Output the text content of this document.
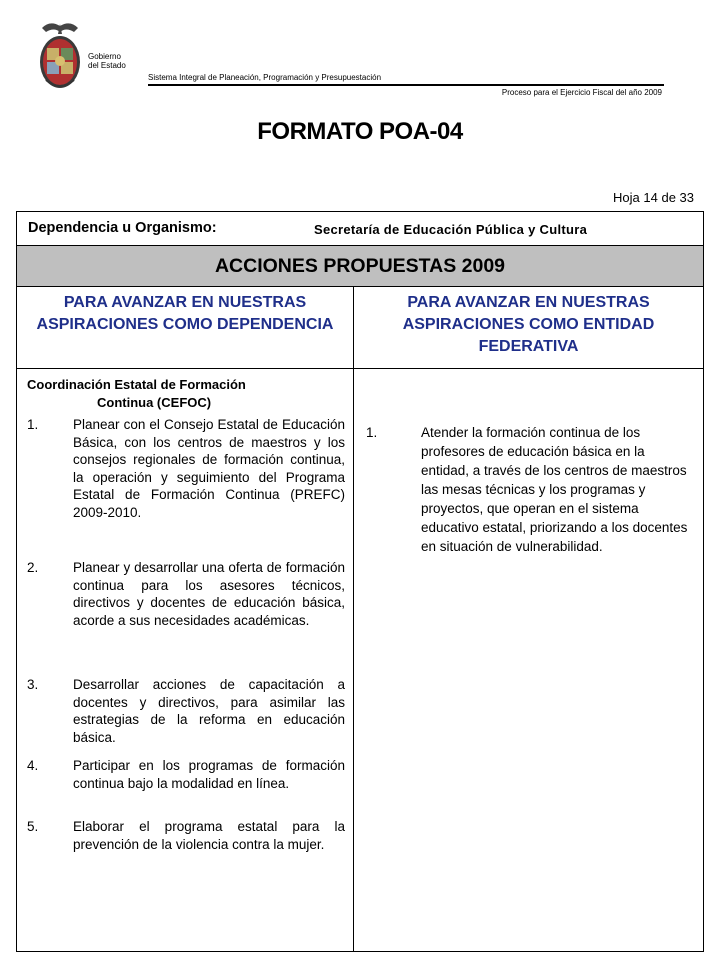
Gobierno
del Estado
Sistema Integral de Planeación, Programación y Presupuestación
Proceso para el Ejercicio Fiscal del año 2009
FORMATO POA-04
Hoja 14 de 33
Dependencia u Organismo:	Secretaría de Educación Pública y Cultura
ACCIONES PROPUESTAS 2009
PARA AVANZAR EN NUESTRAS ASPIRACIONES COMO DEPENDENCIA
PARA AVANZAR EN NUESTRAS ASPIRACIONES COMO ENTIDAD FEDERATIVA
Coordinación Estatal de Formación
Continua (CEFOC)
1.	Planear con el Consejo Estatal de Educación Básica, con los centros de maestros y los consejos regionales de formación continua, la operación y seguimiento del Programa Estatal de Formación Continua (PREFC) 2009-2010.
2.	Planear y desarrollar una oferta de formación continua para los asesores técnicos, directivos y docentes de educación básica, acorde a sus necesidades académicas.
3.	Desarrollar acciones de capacitación a docentes y directivos, para asimilar las estrategias de la reforma en educación básica.
4.	Participar en los programas de formación continua bajo la modalidad en línea.
5.	Elaborar el programa estatal para la prevención de la violencia contra la mujer.
1.	Atender la formación continua de los profesores de educación básica en la entidad, a través de los centros de maestros las mesas técnicas y los programas y proyectos, que operan en el sistema educativo estatal, priorizando a los docentes en situación de vulnerabilidad.
